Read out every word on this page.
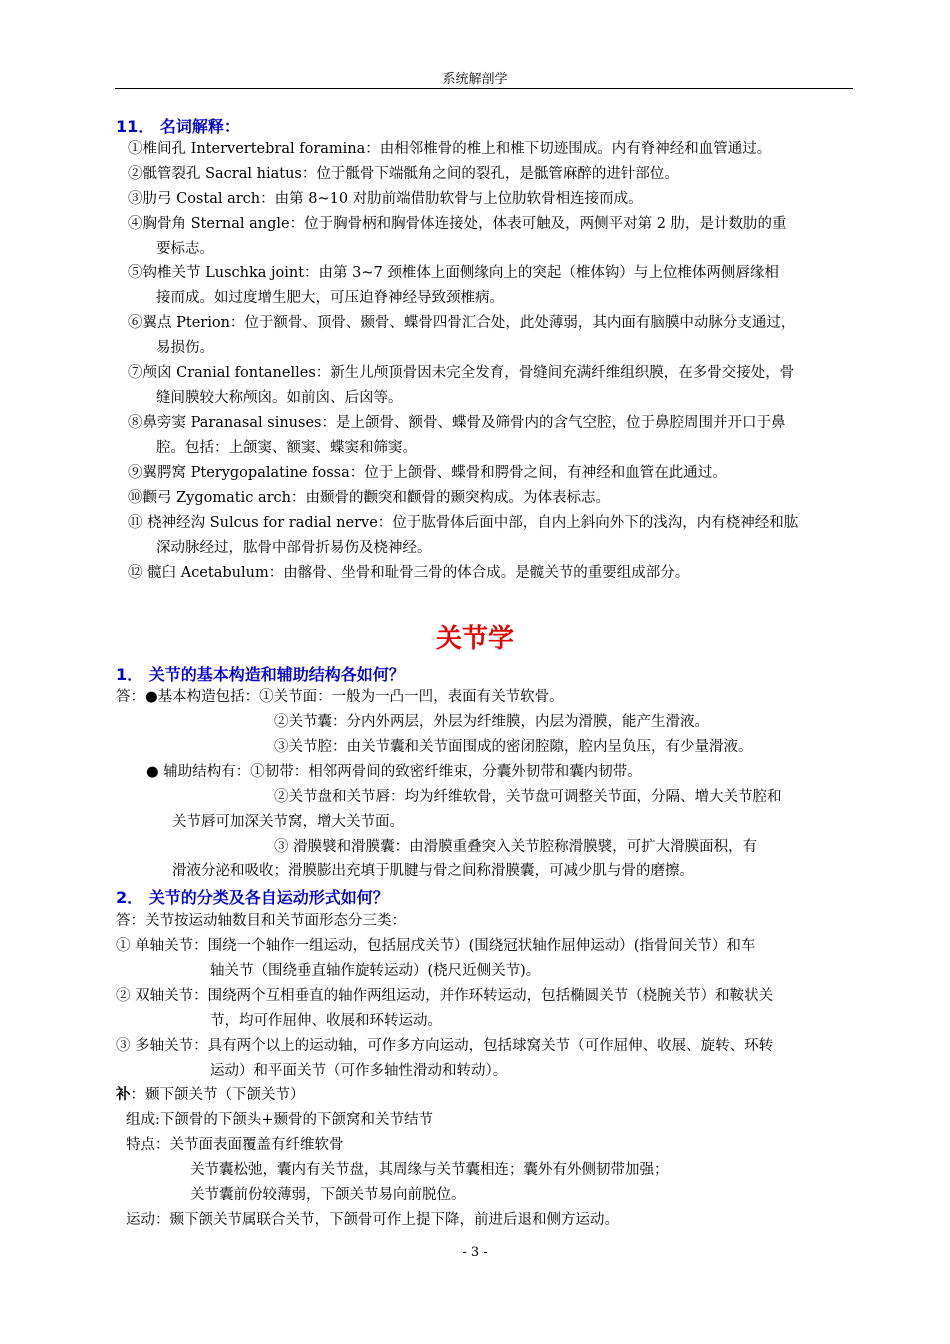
系统解剖学
11． 名词解释：
①椎间孔 Intervertebral foramina：由相邻椎骨的椎上和椎下切迹围成。内有脊神经和血管通过。
②骶管裂孔 Sacral hiatus：位于骶骨下端骶角之间的裂孔，是骶管麻醉的进针部位。
③肋弓 Costal arch：由第 8~10 对肋前端借肋软骨与上位肋软骨相连接而成。
④胸骨角 Sternal angle：位于胸骨柄和胸骨体连接处，体表可触及，两侧平对第 2 肋，是计数肋的重
要标志。
⑤钩椎关节 Luschka joint：由第 3~7 颈椎体上面侧缘向上的突起（椎体钩）与上位椎体两侧唇缘相
接而成。如过度增生肥大，可压迫脊神经导致颈椎病。
⑥翼点 Pterion：位于额骨、顶骨、颞骨、蝶骨四骨汇合处，此处薄弱，其内面有脑膜中动脉分支通过，
易损伤。
⑦颅囟 Cranial fontanelles：新生儿颅顶骨因未完全发育，骨缝间充满纤维组织膜，在多骨交接处，骨
缝间膜较大称颅囟。如前囟、后囟等。
⑧鼻旁窦 Paranasal sinuses：是上颌骨、额骨、蝶骨及筛骨内的含气空腔，位于鼻腔周围并开口于鼻
腔。包括：上颌窦、额窦、蝶窦和筛窦。
⑨翼腭窝 Pterygopalatine fossa：位于上颌骨、蝶骨和腭骨之间，有神经和血管在此通过。
⑩颧弓 Zygomatic arch：由颞骨的颧突和颧骨的颞突构成。为体表标志。
⑪ 桡神经沟 Sulcus for radial nerve：位于肱骨体后面中部，自内上斜向外下的浅沟，内有桡神经和肱
深动脉经过，肱骨中部骨折易伤及桡神经。
⑫ 髋臼 Acetabulum：由髂骨、坐骨和耻骨三骨的体合成。是髋关节的重要组成部分。
关节学
1． 关节的基本构造和辅助结构各如何？
答：●基本构造包括：①关节面：一般为一凸一凹，表面有关节软骨。
②关节囊：分内外两层，外层为纤维膜，内层为滑膜，能产生滑液。
③关节腔：由关节囊和关节面围成的密闭腔隙，腔内呈负压，有少量滑液。
● 辅助结构有：①韧带：相邻两骨间的致密纤维束，分囊外韧带和囊内韧带。
②关节盘和关节唇：均为纤维软骨，关节盘可调整关节面，分隔、增大关节腔和
关节唇可加深关节窝，增大关节面。
③ 滑膜襞和滑膜囊：由滑膜重叠突入关节腔称滑膜襞，可扩大滑膜面积，有
滑液分泌和吸收；滑膜膨出充填于肌腱与骨之间称滑膜囊，可减少肌与骨的磨擦。
2． 关节的分类及各自运动形式如何？
答：关节按运动轴数目和关节面形态分三类：
① 单轴关节：围绕一个轴作一组运动，包括屈戌关节）(围绕冠状轴作屈伸运动）(指骨间关节）和车
轴关节（围绕垂直轴作旋转运动）(桡尺近侧关节)。
② 双轴关节：围绕两个互相垂直的轴作两组运动，并作环转运动，包括椭圆关节（桡腕关节）和鞍状关
节，均可作屈伸、收展和环转运动。
③ 多轴关节：具有两个以上的运动轴，可作多方向运动，包括球窝关节（可作屈伸、收展、旋转、环转
运动）和平面关节（可作多轴性滑动和转动）。
补：颞下颌关节（下颌关节）
组成:下颌骨的下颌头+颞骨的下颌窝和关节结节
特点：关节面表面覆盖有纤维软骨
关节囊松弛，囊内有关节盘，其周缘与关节囊相连；囊外有外侧韧带加强；
关节囊前份较薄弱，下颌关节易向前脱位。
运动：颞下颌关节属联合关节，下颌骨可作上提下降，前进后退和侧方运动。
- 3 -
